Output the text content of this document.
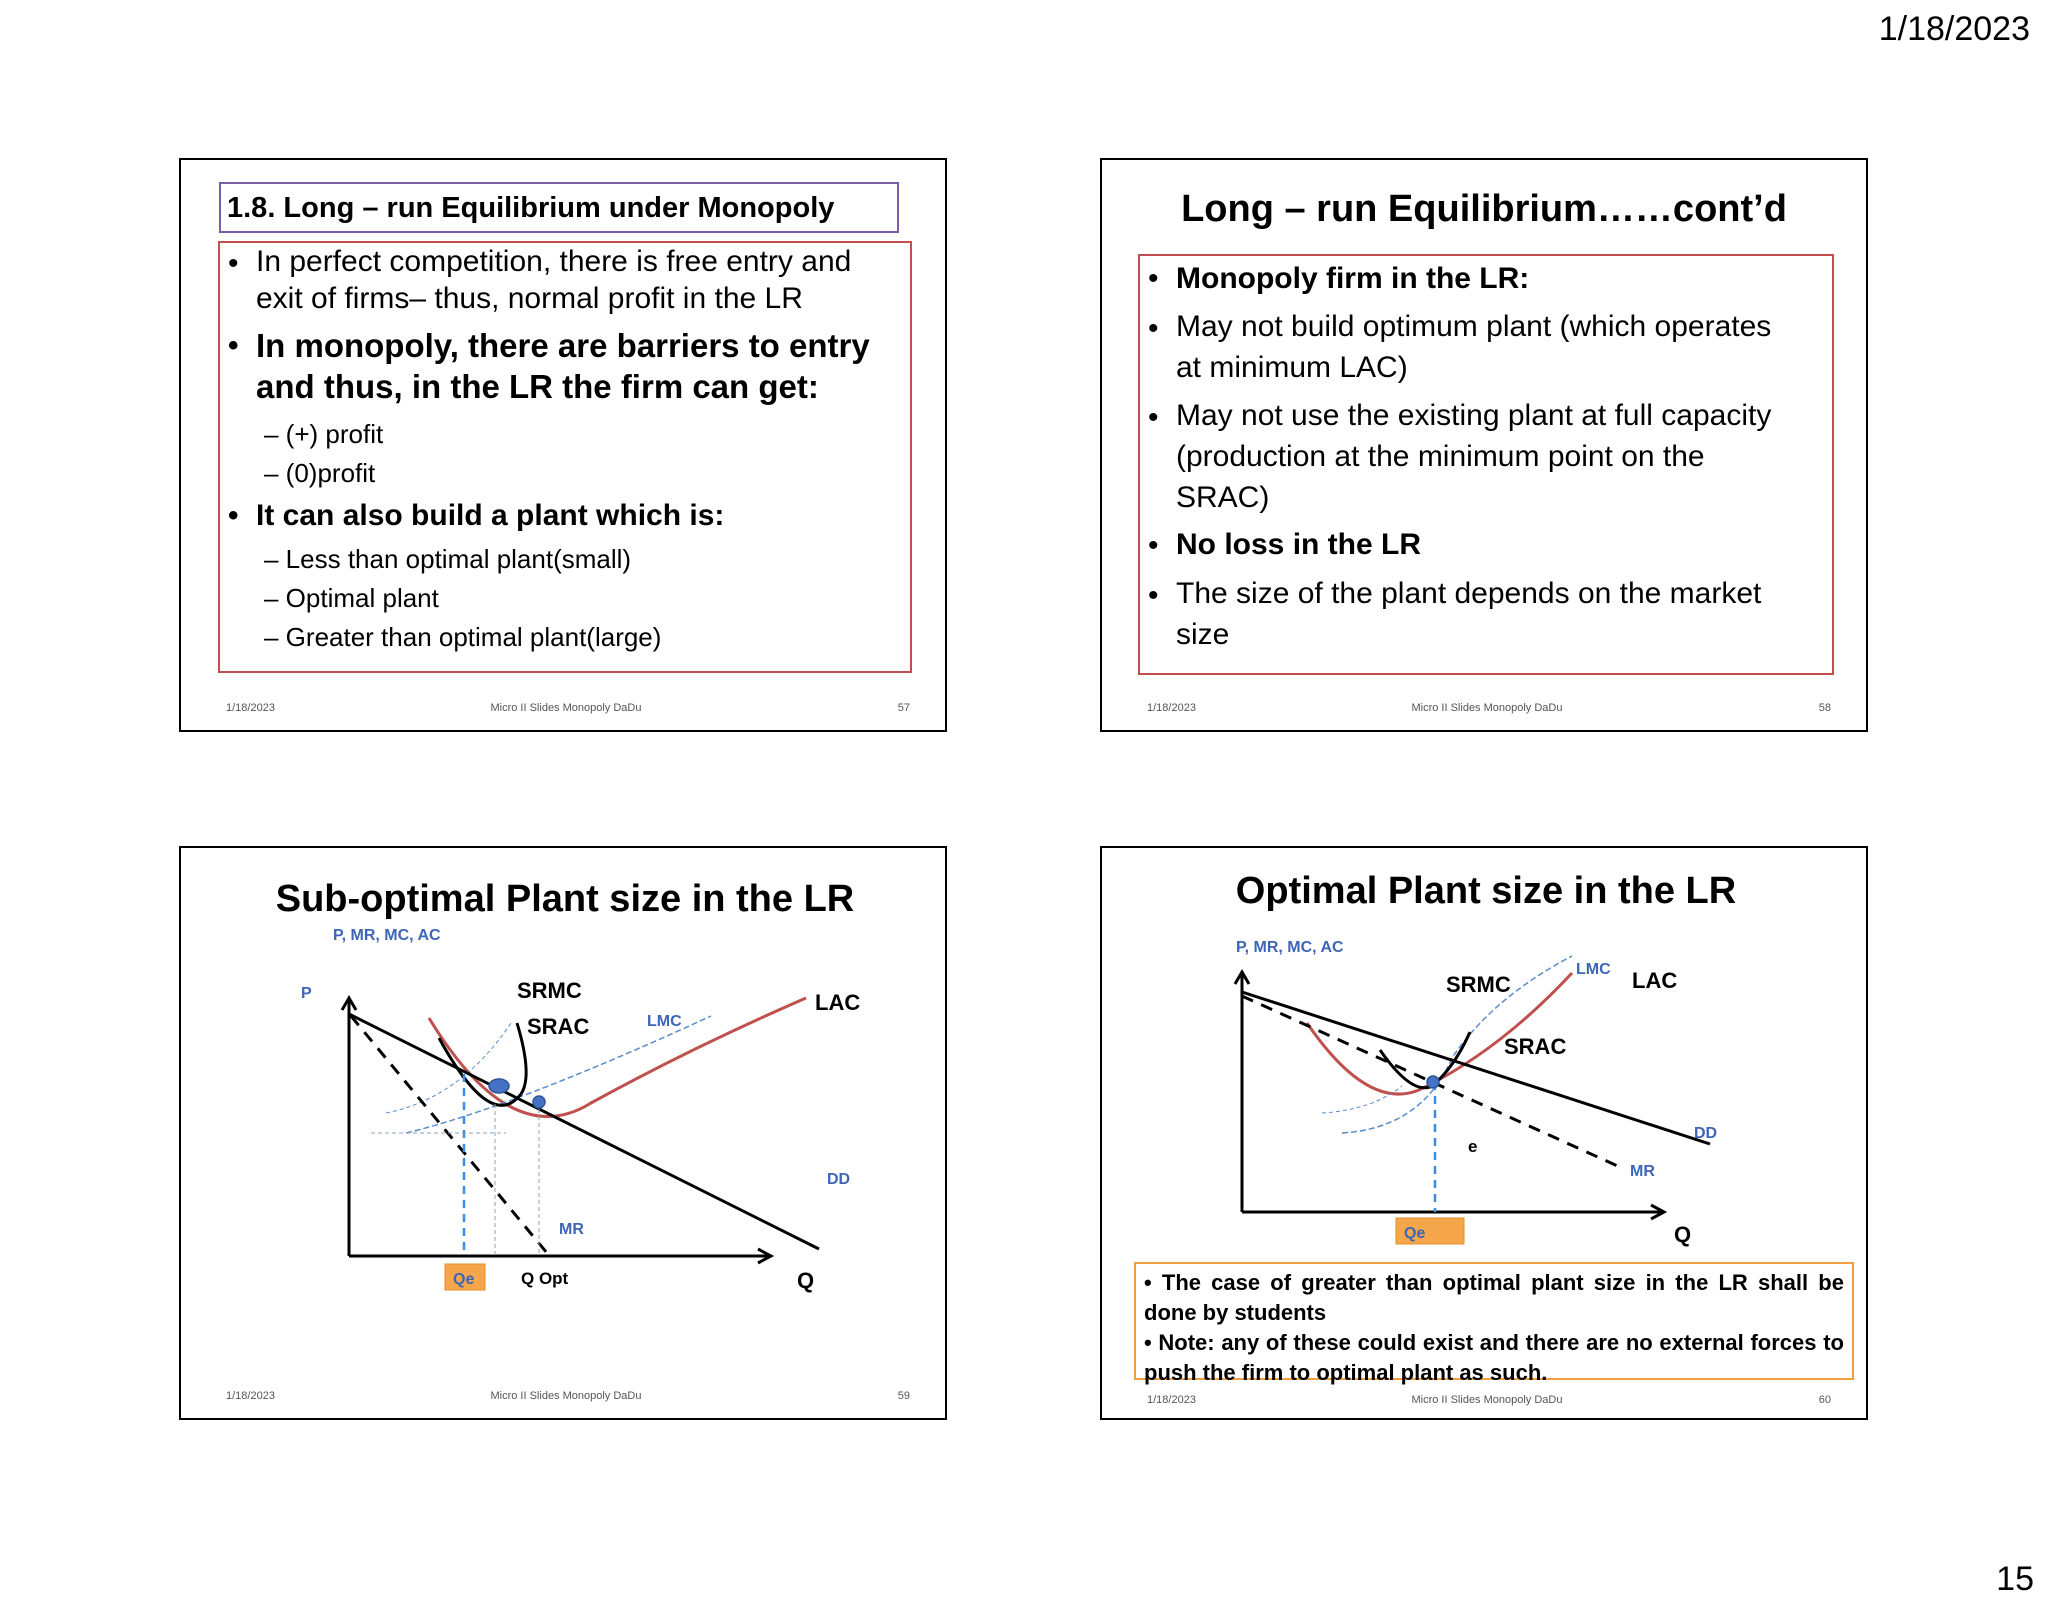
1/18/2023
1.8. Long – run Equilibrium under Monopoly
• In perfect competition, there is free entry and
exit of firms– thus, normal profit in the LR
• In monopoly, there are barriers to entry
and thus, in the LR the firm can get:
– (+) profit
– (0)profit
• It can also build a plant which is:
– Less than optimal plant(small)
– Optimal plant
– Greater than optimal plant(large)
1/18/2023	Micro II Slides Monopoly DaDu	57
Long – run Equilibrium……cont’d
• Monopoly firm in the LR:
• May not build optimum plant (which operates
at minimum LAC)
• May not use the existing plant at full capacity
(production at the minimum point on the
SRAC)
• No loss in the LR
• The size of the plant depends on the market
size
1/18/2023	Micro II Slides Monopoly DaDu	58
Sub-optimal Plant size in the LR
P, MR, MC, AC
P	SRMC
SRAC	LMC
LAC
DD
MR
Qe	Q Opt	Q
1/18/2023	Micro II Slides Monopoly DaDu	59
Optimal Plant size in the LR
P, MR, MC, AC
SRMC
LMC LAC
SRAC
DD
MR
e
Qe	Q

• The case of greater than optimal plant size in the LR shall be done by students

• Note: any of these could exist and there are no external forces to push the firm to optimal plant as such.

1/18/2023	Micro II Slides Monopoly DaDu	60
15
